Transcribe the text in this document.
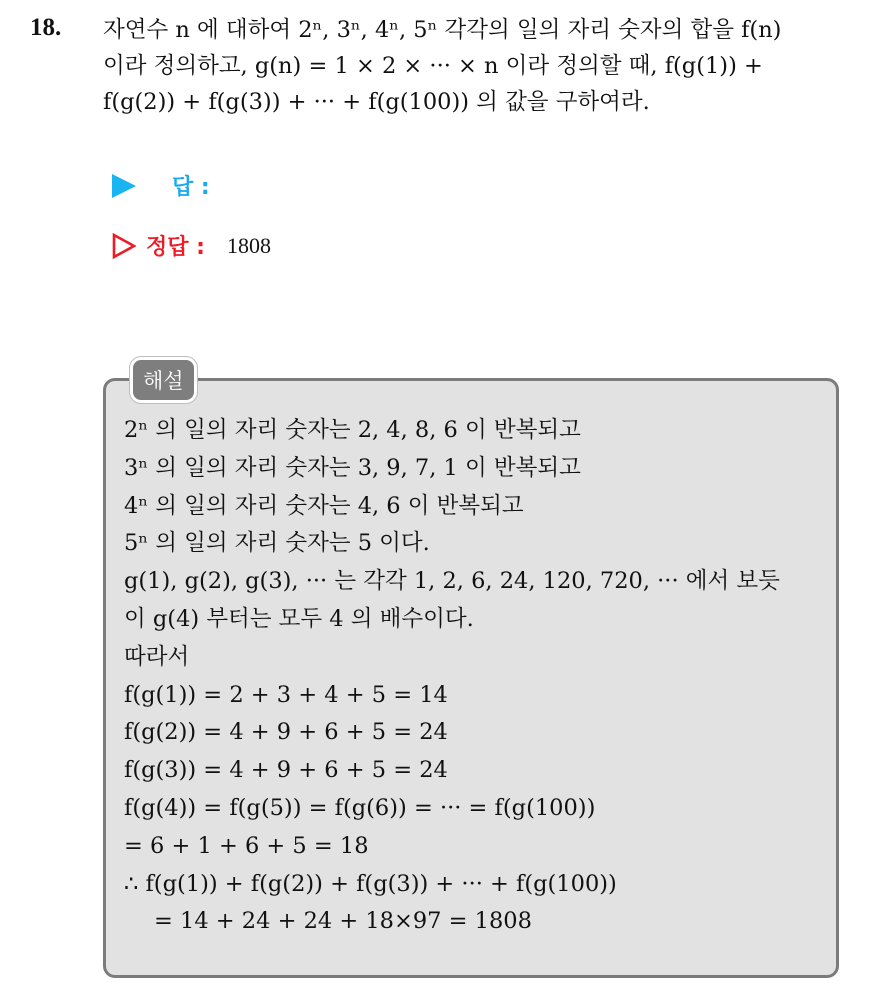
18. 자연수 n 에 대하여 2ⁿ, 3ⁿ, 4ⁿ, 5ⁿ 각각의 일의 자리 숫자의 합을 f(n)
이라 정의하고, g(n) = 1 × 2 × ··· × n 이라 정의할 때, f(g(1)) +
f(g(2)) + f(g(3)) + ··· + f(g(100)) 의 값을 구하여라.
답 :
정답 : 1808
해설
2ⁿ 의 일의 자리 숫자는 2, 4, 8, 6 이 반복되고
3ⁿ 의 일의 자리 숫자는 3, 9, 7, 1 이 반복되고
4ⁿ 의 일의 자리 숫자는 4, 6 이 반복되고
5ⁿ 의 일의 자리 숫자는 5 이다.
g(1), g(2), g(3), ··· 는 각각 1, 2, 6, 24, 120, 720, ··· 에서 보듯
이 g(4) 부터는 모두 4 의 배수이다.
따라서
f(g(1)) = 2 + 3 + 4 + 5 = 14
f(g(2)) = 4 + 9 + 6 + 5 = 24
f(g(3)) = 4 + 9 + 6 + 5 = 24
f(g(4)) = f(g(5)) = f(g(6)) = ··· = f(g(100))
= 6 + 1 + 6 + 5 = 18
∴ f(g(1)) + f(g(2)) + f(g(3)) + ··· + f(g(100))
= 14 + 24 + 24 + 18×97 = 1808
